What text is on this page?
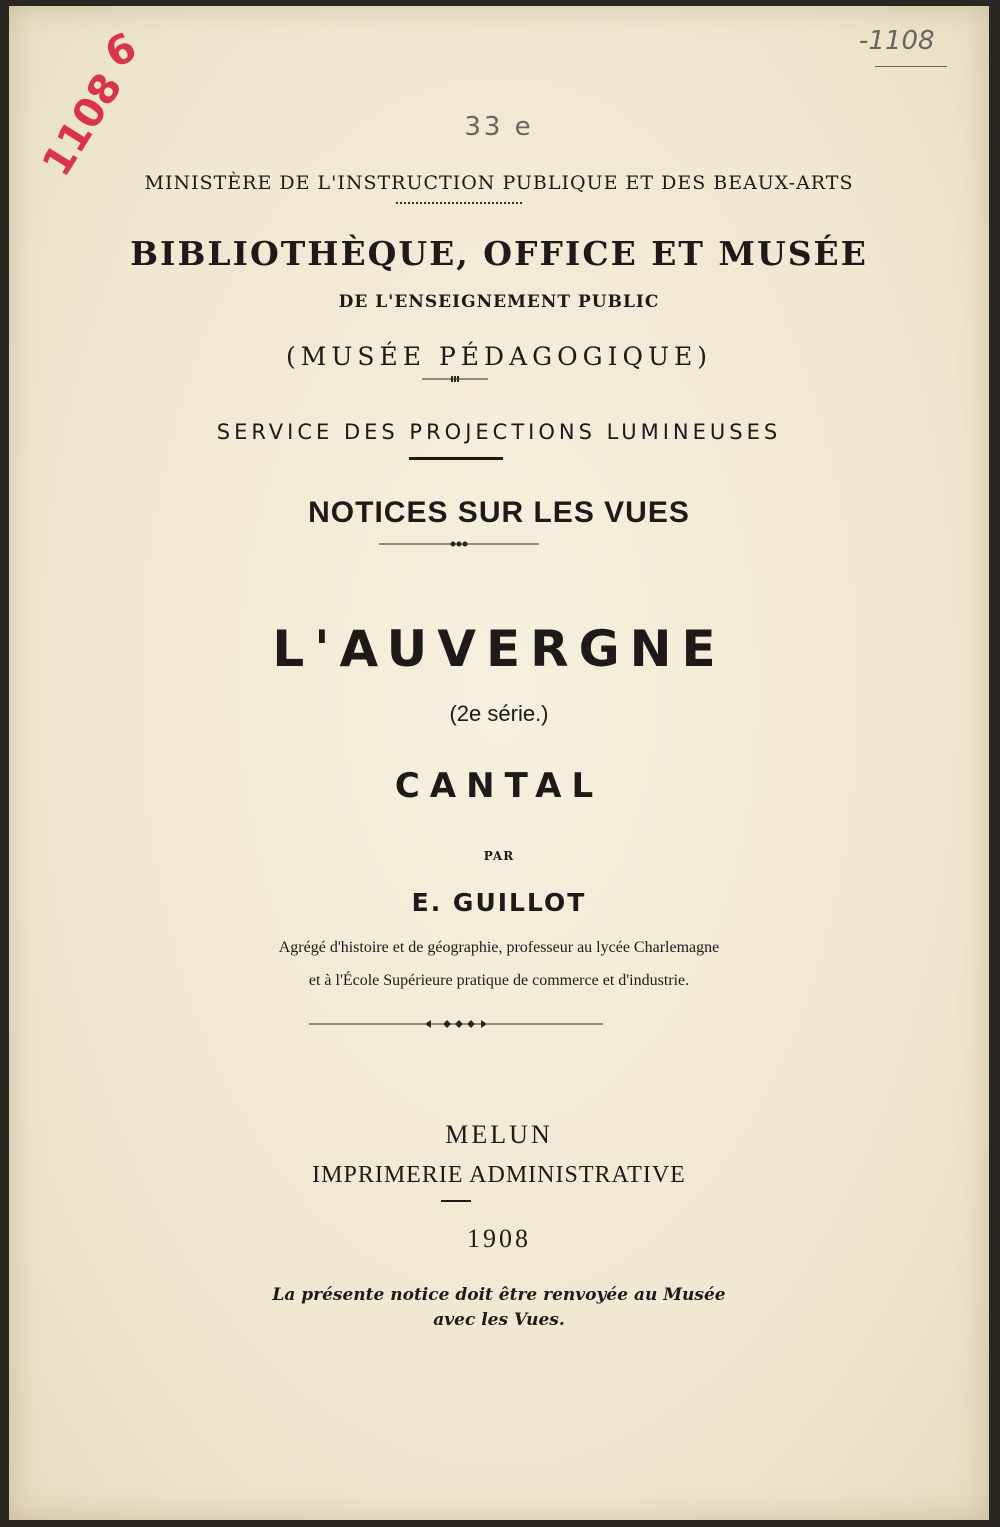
6
1108
-1108
33 e
MINISTÈRE DE L'INSTRUCTION PUBLIQUE ET DES BEAUX-ARTS
BIBLIOTHÈQUE, OFFICE ET MUSÉE
DE L'ENSEIGNEMENT PUBLIC
(MUSÉE PÉDAGOGIQUE)
SERVICE DES PROJECTIONS LUMINEUSES
NOTICES SUR LES VUES
L'AUVERGNE
(2e série.)
CANTAL
PAR
E. GUILLOT
Agrégé d'histoire et de géographie, professeur au lycée Charlemagne
et à l'École Supérieure pratique de commerce et d'industrie.
MELUN
IMPRIMERIE ADMINISTRATIVE
1908
La présente notice doit être renvoyée au Musée
avec les Vues.
